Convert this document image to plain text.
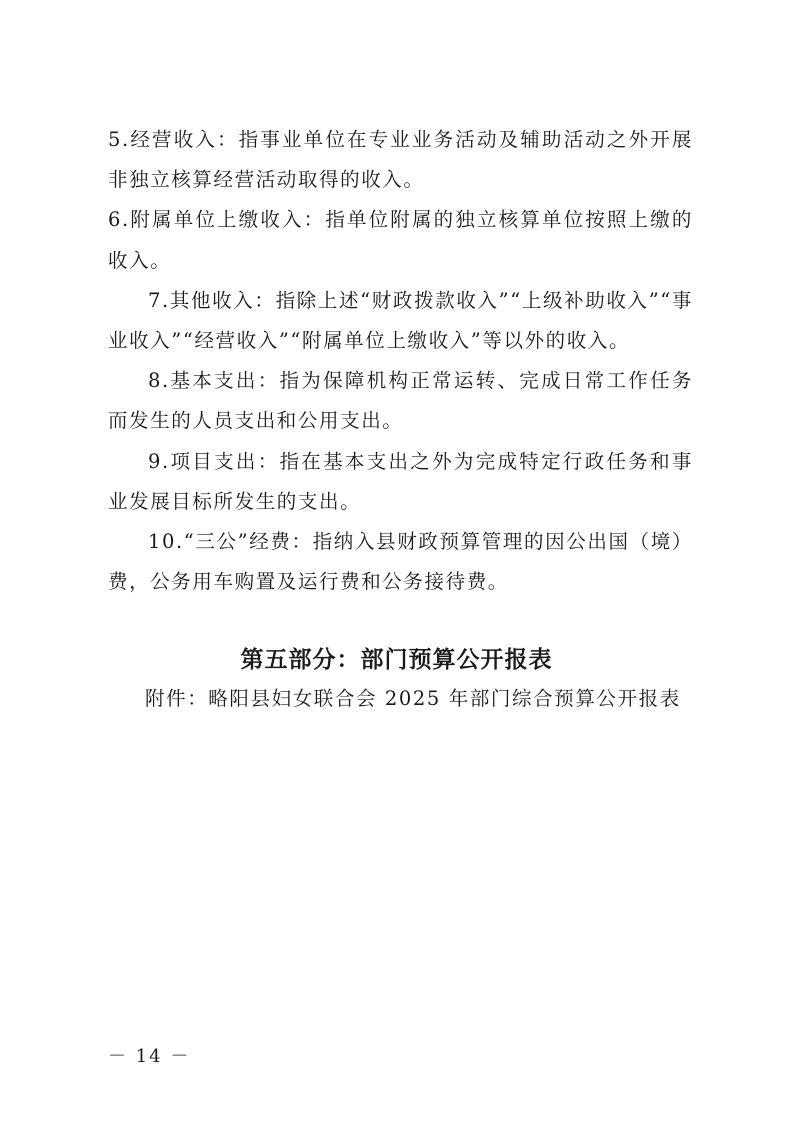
5.经营收入：指事业单位在专业业务活动及辅助活动之外开展非独立核算经营活动取得的收入。

6.附属单位上缴收入：指单位附属的独立核算单位按照上缴的收入。

7.其他收入：指除上述“财政拨款收入”“上级补助收入”“事业收入”“经营收入”“附属单位上缴收入”等以外的收入。

8.基本支出：指为保障机构正常运转、完成日常工作任务而发生的人员支出和公用支出。

9.项目支出：指在基本支出之外为完成特定行政任务和事业发展目标所发生的支出。

10.“三公”经费：指纳入县财政预算管理的因公出国（境）费，公务用车购置及运行费和公务接待费。

第五部分：部门预算公开报表
附件：略阳县妇女联合会 2025 年部门综合预算公开报表
－ 14 －
